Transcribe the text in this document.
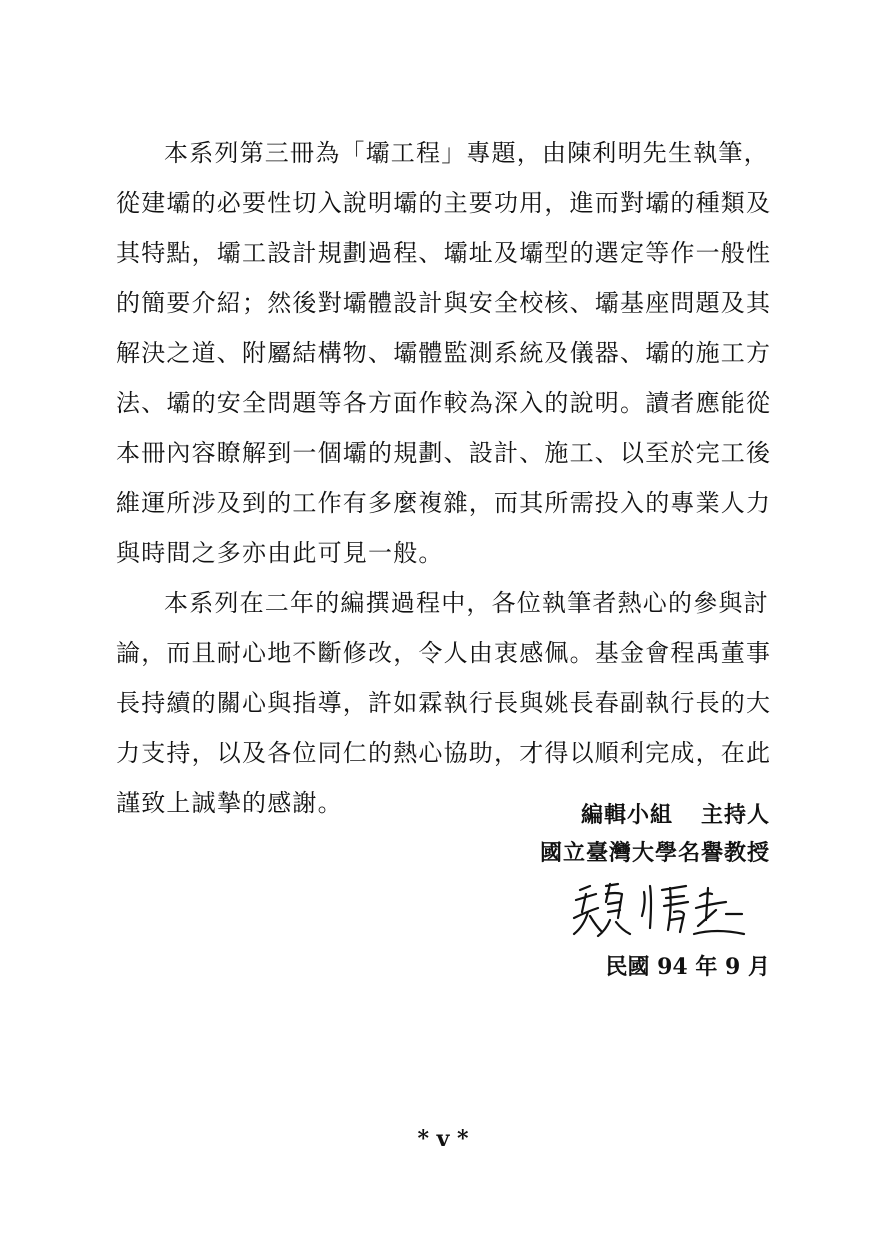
本系列第三冊為「壩工程」專題，由陳利明先生執筆，
從建壩的必要性切入說明壩的主要功用，進而對壩的種類及
其特點，壩工設計規劃過程、壩址及壩型的選定等作一般性
的簡要介紹；然後對壩體設計與安全校核、壩基座問題及其
解決之道、附屬結構物、壩體監測系統及儀器、壩的施工方
法、壩的安全問題等各方面作較為深入的說明。讀者應能從
本冊內容瞭解到一個壩的規劃、設計、施工、以至於完工後
維運所涉及到的工作有多麼複雜，而其所需投入的專業人力
與時間之多亦由此可見一般。

本系列在二年的編撰過程中，各位執筆者熱心的參與討
論，而且耐心地不斷修改，令人由衷感佩。基金會程禹董事
長持續的關心與指導，許如霖執行長與姚長春副執行長的大
力支持，以及各位同仁的熱心協助，才得以順利完成，在此
謹致上誠摯的感謝。	編輯小組 主持人
國立臺灣大學名譽教授
民國 94 年 9 月
* v *
